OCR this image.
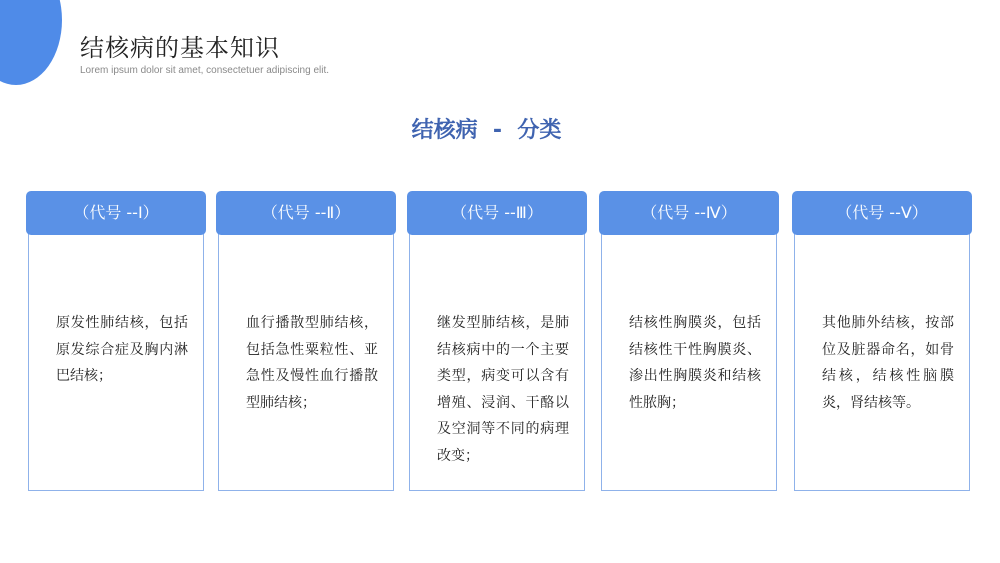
结核病的基本知识
Lorem ipsum dolor sit amet, consectetuer adipiscing elit.
结核病  -  分类
原发性肺结核，包括原发综合症及胸内淋巴结核；
（代号 --Ⅰ）
血行播散型肺结核，包括急性粟粒性、亚急性及慢性血行播散型肺结核；
（代号 --Ⅱ）
继发型肺结核，是肺结核病中的一个主要类型，病变可以含有增殖、浸润、干酪以及空洞等不同的病理改变；
（代号 --Ⅲ）
结核性胸膜炎，包括结核性干性胸膜炎、渗出性胸膜炎和结核性脓胸；
（代号 --Ⅳ）
其他肺外结核，按部位及脏器命名，如骨结核，结核性脑膜炎，肾结核等。
（代号 --Ⅴ）
